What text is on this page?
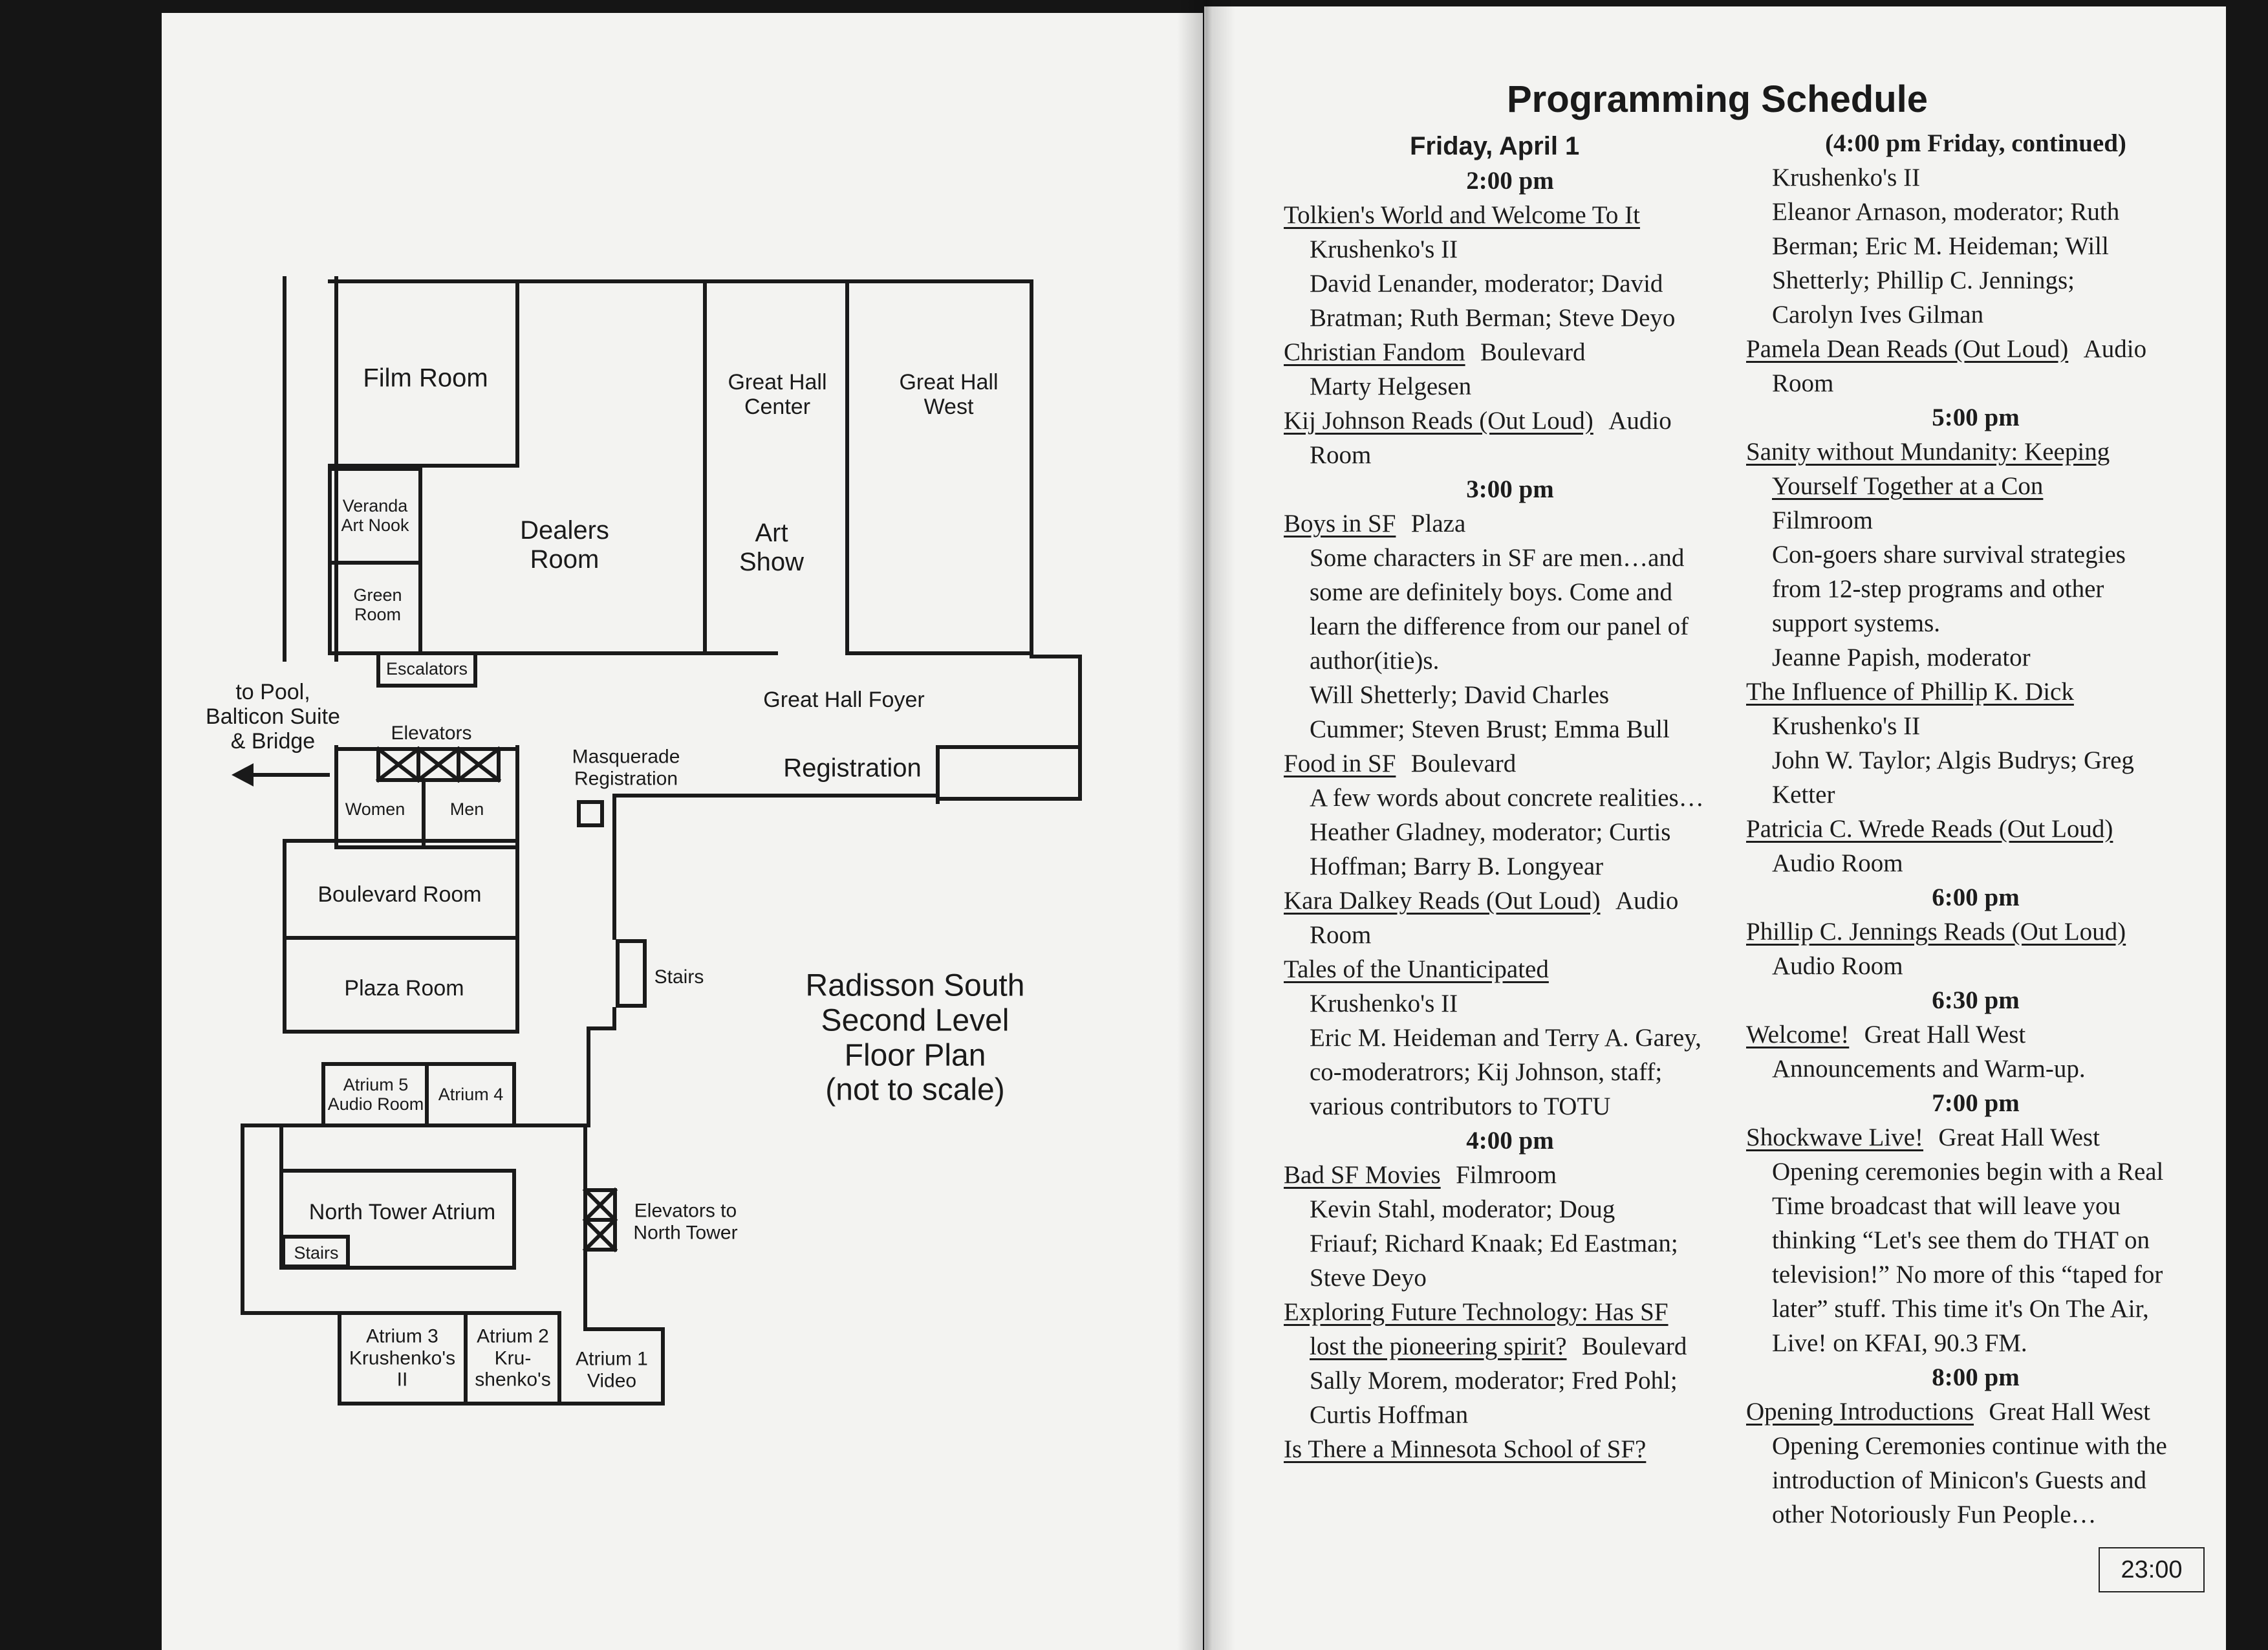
Film Room	Great Hall
Center
Great Hall
West
Veranda
Art Nook	Dealers
Room
Art
Show
Green
Room
Escalators
to Pool,
Balticon Suite
& Bridge	Elevators
Great Hall Foyer
Masquerade
Registration	Registration
Women	Men
Boulevard Room
Plaza Room	Stairs
Atrium 5
Audio Room
Atrium 4
North Tower Atrium
Stairs
Elevators to
North Tower
Atrium 3
Krushenko's
II
Atrium 2
Kru-
shenko's
Atrium 1
Video
Radisson South
Second Level
Floor Plan
(not to scale)
Programming Schedule
Friday, April 1
2:00 pm
Tolkien's World and Welcome To It
Krushenko's II
David Lenander, moderator; David
Bratman; Ruth Berman; Steve Deyo
Christian Fandom Boulevard
Marty Helgesen
Kij Johnson Reads (Out Loud) Audio
Room
3:00 pm
Boys in SF Plaza
Some characters in SF are men…and
some are definitely boys. Come and
learn the difference from our panel of
author(itie)s.
Will Shetterly; David Charles
Cummer; Steven Brust; Emma Bull
Food in SF Boulevard
A few words about concrete realities…
Heather Gladney, moderator; Curtis
Hoffman; Barry B. Longyear
Kara Dalkey Reads (Out Loud) Audio
Room
Tales of the Unanticipated
Krushenko's II
Eric M. Heideman and Terry A. Garey,
co-moderatrors; Kij Johnson, staff;
various contributors to TOTU
4:00 pm
Bad SF Movies Filmroom
Kevin Stahl, moderator; Doug
Friauf; Richard Knaak; Ed Eastman;
Steve Deyo
Exploring Future Technology: Has SF
lost the pioneering spirit? Boulevard
Sally Morem, moderator; Fred Pohl;
Curtis Hoffman
Is There a Minnesota School of SF?
(4:00 pm Friday, continued)
Krushenko's II
Eleanor Arnason, moderator; Ruth
Berman; Eric M. Heideman; Will
Shetterly; Phillip C. Jennings;
Carolyn Ives Gilman
Pamela Dean Reads (Out Loud) Audio
Room
5:00 pm
Sanity without Mundanity: Keeping
Yourself Together at a Con
Filmroom
Con-goers share survival strategies
from 12-step programs and other
support systems.
Jeanne Papish, moderator
The Influence of Phillip K. Dick
Krushenko's II
John W. Taylor; Algis Budrys; Greg
Ketter
Patricia C. Wrede Reads (Out Loud)
Audio Room
6:00 pm
Phillip C. Jennings Reads (Out Loud)
Audio Room
6:30 pm
Welcome! Great Hall West
Announcements and Warm-up.
7:00 pm
Shockwave Live! Great Hall West
Opening ceremonies begin with a Real
Time broadcast that will leave you
thinking “Let's see them do THAT on
television!” No more of this “taped for
later” stuff. This time it's On The Air,
Live! on KFAI, 90.3 FM.
8:00 pm
Opening Introductions Great Hall West
Opening Ceremonies continue with the
introduction of Minicon's Guests and
other Notoriously Fun People…
23:00
